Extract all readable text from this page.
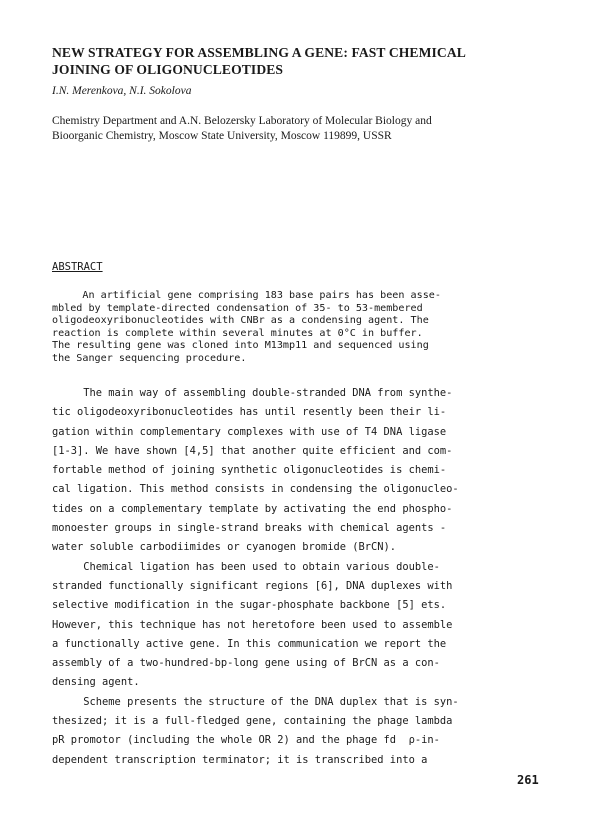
NEW STRATEGY FOR ASSEMBLING A GENE: FAST CHEMICAL
JOINING OF OLIGONUCLEOTIDES
I.N. Merenkova, N.I. Sokolova
Chemistry Department and A.N. Belozersky Laboratory of Molecular Biology and
Bioorganic Chemistry, Moscow State University, Moscow 119899, USSR
ABSTRACT
An artificial gene comprising 183 base pairs has been asse-
mbled by template-directed condensation of 35- to 53-membered
oligodeoxyribonucleotides with CNBr as a condensing agent. The
reaction is complete within several minutes at 0°C in buffer.
The resulting gene was cloned into M13mp11 and sequenced using
the Sanger sequencing procedure.
The main way of assembling double-stranded DNA from synthe-
tic oligodeoxyribonucleotides has until resently been their li-
gation within complementary complexes with use of T4 DNA ligase
[1-3]. We have shown [4,5] that another quite efficient and com-
fortable method of joining synthetic oligonucleotides is chemi-
cal ligation. This method consists in condensing the oligonucleo-
tides on a complementary template by activating the end phospho-
monoester groups in single-strand breaks with chemical agents -
water soluble carbodiimides or cyanogen bromide (BrCN).
Chemical ligation has been used to obtain various double-
stranded functionally significant regions [6], DNA duplexes with
selective modification in the sugar-phosphate backbone [5] ets.
However, this technique has not heretofore been used to assemble
a functionally active gene. In this communication we report the
assembly of a two-hundred-bp-long gene using of BrCN as a con-
densing agent.
Scheme presents the structure of the DNA duplex that is syn-
thesized; it is a full-fledged gene, containing the phage lambda
pR promotor (including the whole OR 2) and the phage fd  ρ-in-
dependent transcription terminator; it is transcribed into a
261
